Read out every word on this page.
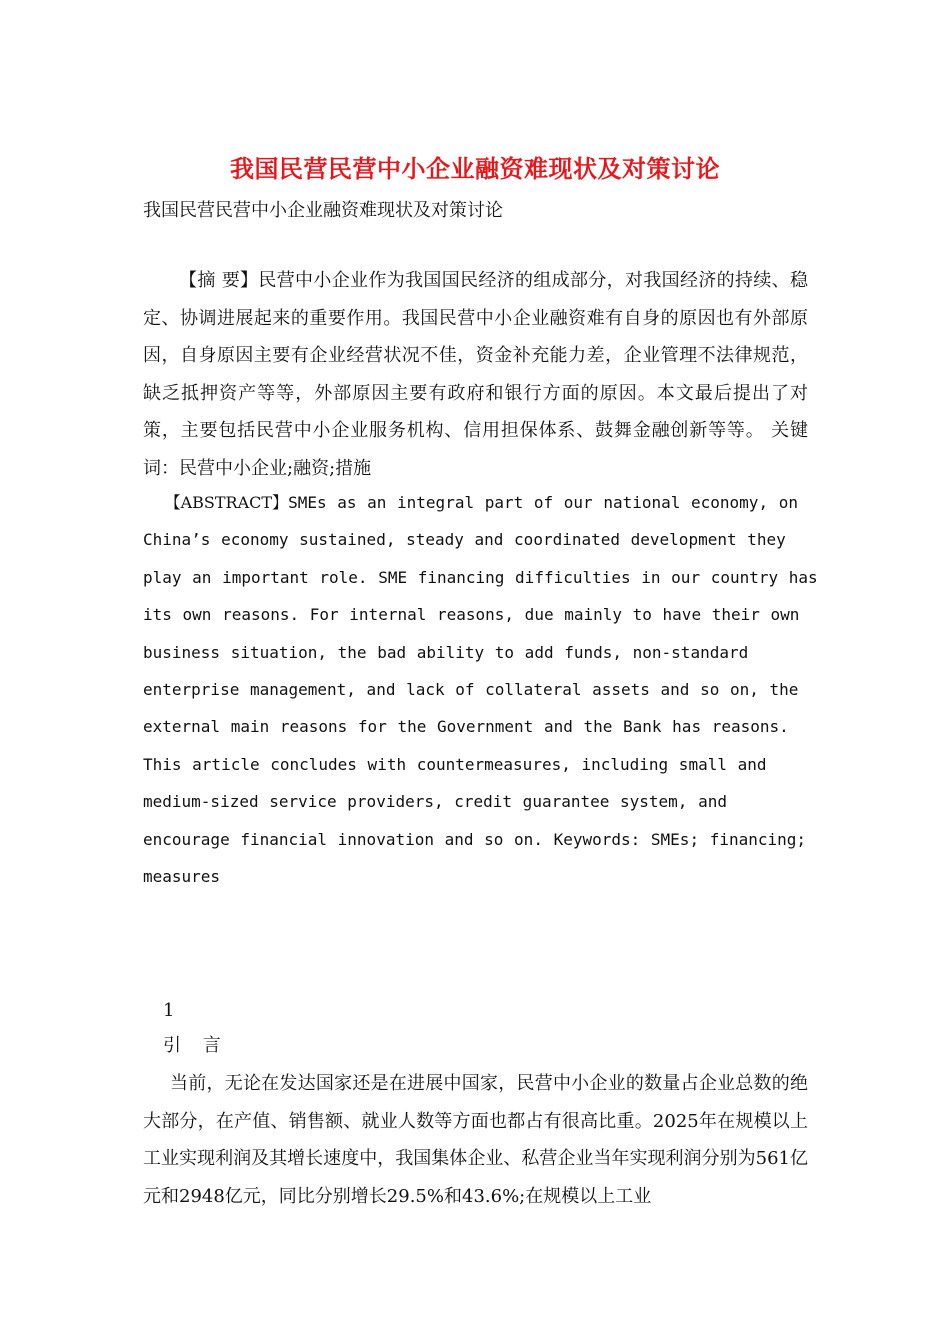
我国民营民营中小企业融资难现状及对策讨论
我国民营民营中小企业融资难现状及对策讨论

【摘 要】民营中小企业作为我国国民经济的组成部分，对我国经济的持续、稳定、协调进展起来的重要作用。我国民营中小企业融资难有自身的原因也有外部原因，自身原因主要有企业经营状况不佳，资金补充能力差，企业管理不法律规范，缺乏抵押资产等等，外部原因主要有政府和银行方面的原因。本文最后提出了对策，主要包括民营中小企业服务机构、信用担保体系、鼓舞金融创新等等。 关键词：民营中小企业;融资;措施

【ABSTRACT】SMEs as an integral part of our national economy, on China’s economy sustained, steady and coordinated development they play an important role. SME financing difficulties in our country has its own reasons. For internal reasons, due mainly to have their own business situation, the bad ability to add funds, non-standard enterprise management, and lack of collateral assets and so on, the external main reasons for the Government and the Bank has reasons. This article concludes with countermeasures, including small and medium-sized service providers, credit guarantee system, and encourage financial innovation and so on. Keywords: SMEs; financing; measures

1
引 言

当前，无论在发达国家还是在进展中国家，民营中小企业的数量占企业总数的绝大部分，在产值、销售额、就业人数等方面也都占有很高比重。2025年在规模以上工业实现利润及其增长速度中，我国集体企业、私营企业当年实现利润分别为561亿元和2948亿元，同比分别增长29.5%和43.6%;在规模以上工业
